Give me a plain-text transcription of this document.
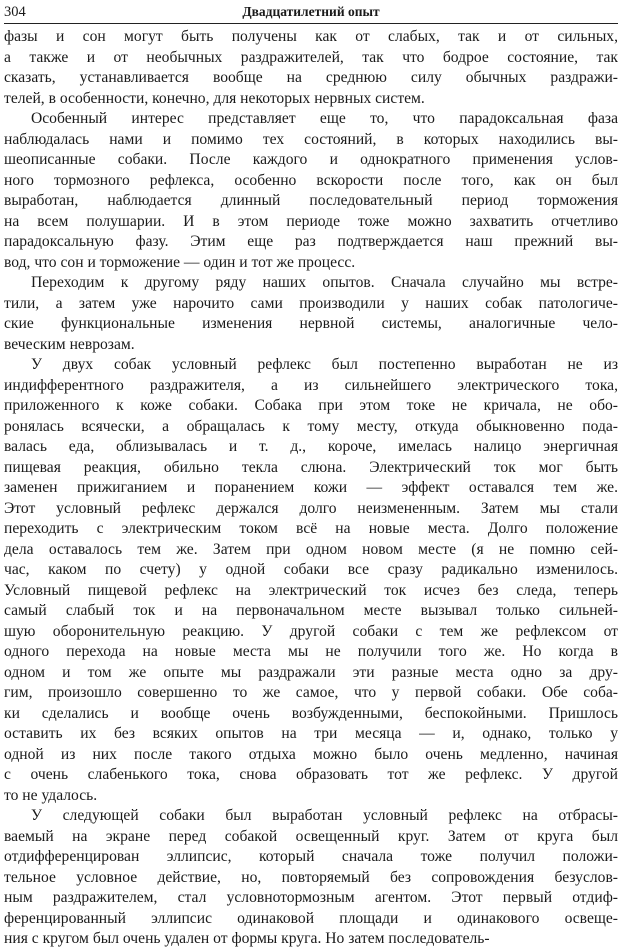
304	Двадцатилетний опыт
фазы и сон могут быть получены как от слабых, так и от сильных,
а также и от необычных раздражителей, так что бодрое состояние, так
сказать, устанавливается вообще на среднюю силу обычных раздражи-
телей, в особенности, конечно, для некоторых нервных систем.
Особенный интерес представляет еще то, что парадоксальная фаза
наблюдалась нами и помимо тех состояний, в которых находились вы-
шеописанные собаки. После каждого и однократного применения услов-
ного тормозного рефлекса, особенно вскорости после того, как он был
выработан, наблюдается длинный последовательный период торможения
на всем полушарии. И в этом периоде тоже можно захватить отчетливо
парадоксальную фазу. Этим еще раз подтверждается наш прежний вы-
вод, что сон и торможение — один и тот же процесс.
Переходим к другому ряду наших опытов. Сначала случайно мы встре-
тили, а затем уже нарочито сами производили у наших собак патологиче-
ские функциональные изменения нервной системы, аналогичные чело-
веческим неврозам.
У двух собак условный рефлекс был постепенно выработан не из
индифферентного раздражителя, а из сильнейшего электрического тока,
приложенного к коже собаки. Собака при этом токе не кричала, не обо-
ронялась всячески, а обращалась к тому месту, откуда обыкновенно пода-
валась еда, облизывалась и т. д., короче, имелась налицо энергичная
пищевая реакция, обильно текла слюна. Электрический ток мог быть
заменен прижиганием и поранением кожи — эффект оставался тем же.
Этот условный рефлекс держался долго неизмененным. Затем мы стали
переходить с электрическим током всё на новые места. Долго положение
дела оставалось тем же. Затем при одном новом месте (я не помню сей-
час, каком по счету) у одной собаки все сразу радикально изменилось.
Условный пищевой рефлекс на электрический ток исчез без следа, теперь
самый слабый ток и на первоначальном месте вызывал только сильней-
шую оборонительную реакцию. У другой собаки с тем же рефлексом от
одного перехода на новые места мы не получили того же. Но когда в
одном и том же опыте мы раздражали эти разные места одно за дру-
гим, произошло совершенно то же самое, что у первой собаки. Обе соба-
ки сделались и вообще очень возбужденными, беспокойными. Пришлось
оставить их без всяких опытов на три месяца — и, однако, только у
одной из них после такого отдыха можно было очень медленно, начиная
с очень слабенького тока, снова образовать тот же рефлекс. У другой
то не удалось.
У следующей собаки был выработан условный рефлекс на отбрасы-
ваемый на экране перед собакой освещенный круг. Затем от круга был
отдифференцирован эллипсис, который сначала тоже получил положи-
тельное условное действие, но, повторяемый без сопровождения безуслов-
ным раздражителем, стал условнотормозным агентом. Этот первый отдиф-
ференцированный эллипсис одинаковой площади и одинакового освеще-
ния с кругом был очень удален от формы круга. Но затем последователь-
